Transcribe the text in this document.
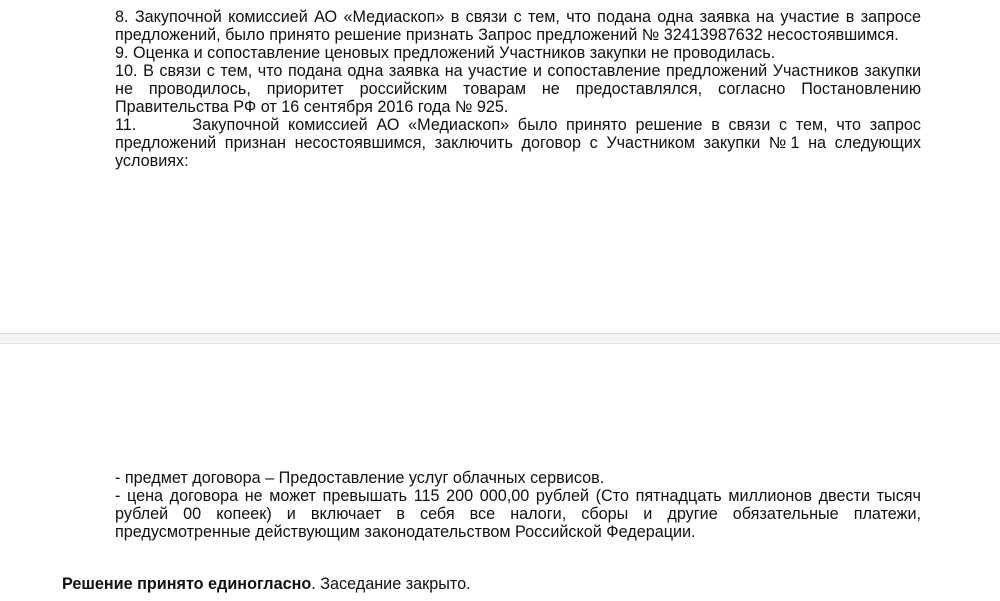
8. Закупочной комиссией АО «Медиаскоп» в связи с тем, что подана одна заявка на участие в запросе предложений, было принято решение признать Запрос предложений № 32413987632 несостоявшимся.

9. Оценка и сопоставление ценовых предложений Участников закупки не проводилась.

10. В связи с тем, что подана одна заявка на участие и сопоставление предложений Участников закупки не проводилось, приоритет российским товарам не предоставлялся, согласно Постановлению Правительства РФ от 16 сентября 2016 года № 925.

11.	Закупочной комиссией АО «Медиаскоп» было принято решение в связи с тем, что запрос предложений признан несостоявшимся, заключить договор с Участником закупки №1 на следующих условиях:

- предмет договора – Предоставление услуг облачных сервисов.

- цена договора не может превышать 115 200 000,00 рублей (Сто пятнадцать миллионов двести тысяч рублей 00 копеек) и включает в себя все налоги, сборы и другие обязательные платежи, предусмотренные действующим законодательством Российской Федерации.

Решение принято единогласно. Заседание закрыто.
